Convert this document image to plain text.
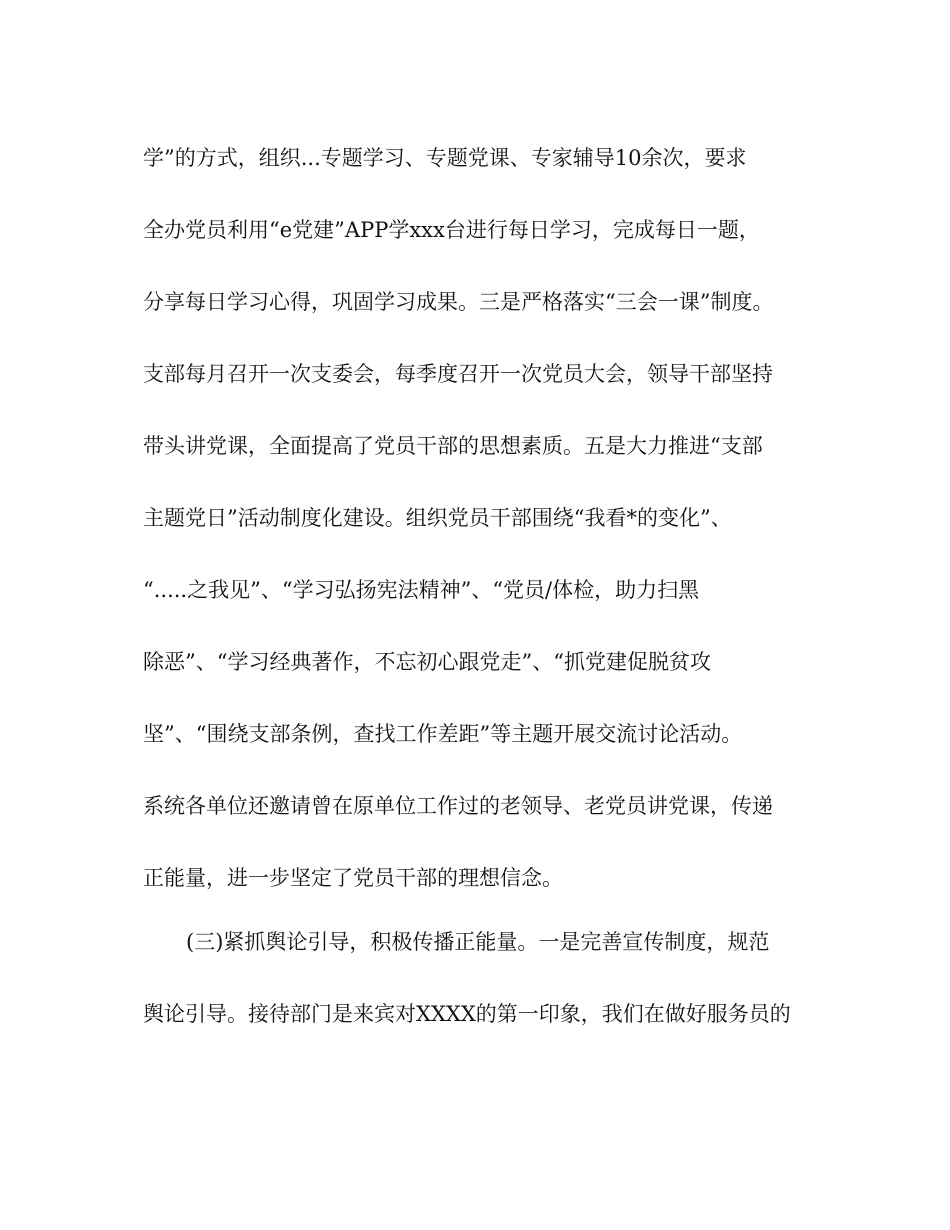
学”的方式，组织...专题学习、专题党课、专家辅导10余次，要求
全办党员利用“e党建”APP学xxx台进行每日学习，完成每日一题，
分享每日学习心得，巩固学习成果。三是严格落实“三会一课”制度。
支部每月召开一次支委会，每季度召开一次党员大会，领导干部坚持
带头讲党课，全面提高了党员干部的思想素质。五是大力推进“支部
主题党日”活动制度化建设。组织党员干部围绕“我看*的变化”、
“.....之我见”、“学习弘扬宪法精神”、“党员/体检，助力扫黑
除恶”、“学习经典著作，不忘初心跟党走”、“抓党建促脱贫攻
坚”、“围绕支部条例，查找工作差距”等主题开展交流讨论活动。
系统各单位还邀请曾在原单位工作过的老领导、老党员讲党课，传递
正能量，进一步坚定了党员干部的理想信念。
(三)紧抓舆论引导，积极传播正能量。一是完善宣传制度，规范
舆论引导。接待部门是来宾对XXXX的第一印象，我们在做好服务员的
